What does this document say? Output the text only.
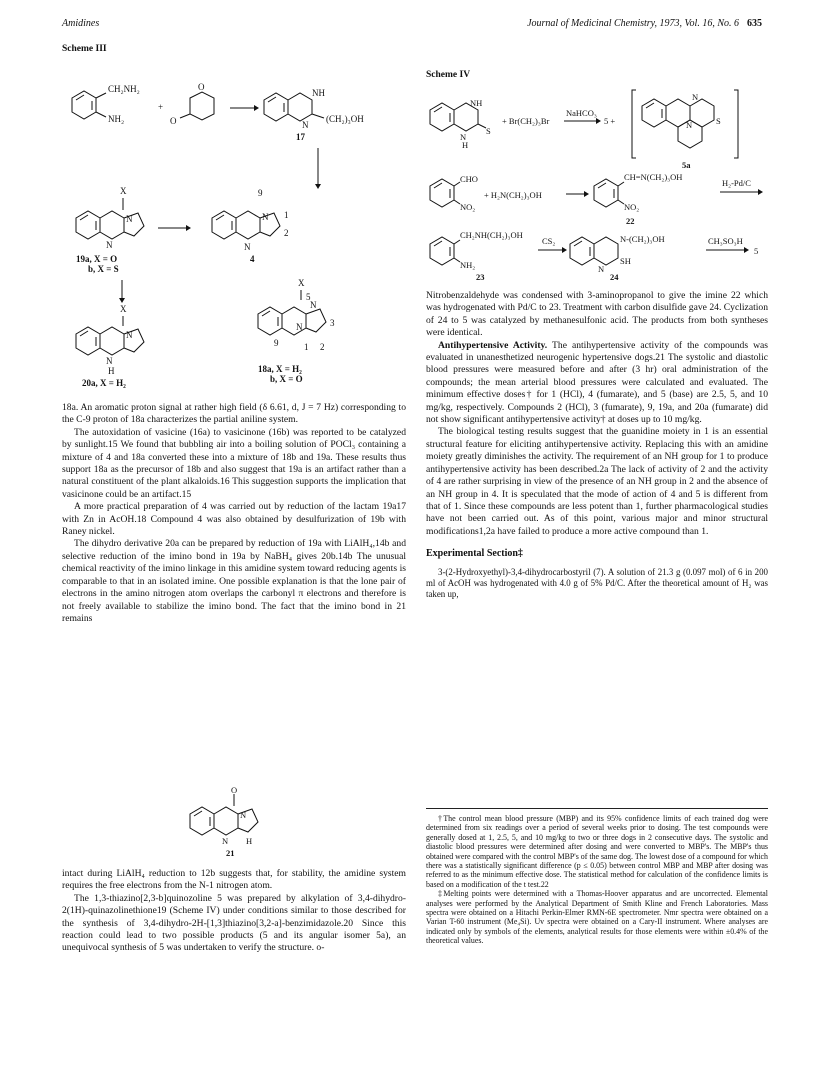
Amidines	Journal of Medicinal Chemistry, 1973, Vol. 16, No. 6 635
Scheme III
CH₂NH₂
NH₂
+
O
O
NH
N
(CH₂)₃OH
17
X
N
N
9
N
N
1
2
19a, X = O
b, X = S
4
X
N
N
H
20a, X = H₂
X
5
N
N	3
9	1 2
18a, X = H₂
b, X = O
Scheme IV
NH
N
S
H
+ Br(CH₂)₃Br
NaHCO₃
5 +
N
N	S
5a
CHO
NO₂
+ H₂N(CH₂)₃OH
CH=N(CH₂)₃OH
NO₂
22
H₂-Pd/C
CH₂NH(CH₂)₃OH
NH₂
23
CS₂	N-(CH₂)₃OH
N
SH
24
CH₃SO₃H
5

18a. An aromatic proton signal at rather high field (δ 6.61, d, J = 7 Hz) corresponding to the C-9 proton of 18a characterizes the partial aniline system.

The autoxidation of vasicine (16a) to vasicinone (16b) was reported to be catalyzed by sunlight.15 We found that bubbling air into a boiling solution of POCl₃ containing a mixture of 4 and 18a converted these into a mixture of 18b and 19a. These results thus support 18a as the precursor of 18b and also suggest that 19a is an artifact rather than a natural constituent of the plant alkaloids.16 This suggestion supports the implication that vasicinone could be an artifact.15

A more practical preparation of 4 was carried out by reduction of the lactam 19a17 with Zn in AcOH.18 Compound 4 was also obtained by desulfurization of 19b with Raney nickel.

The dihydro derivative 20a can be prepared by reduction of 19a with LiAlH₄,14b and selective reduction of the imino bond in 19a by NaBH₄ gives 20b.14b The unusual chemical reactivity of the imino linkage in this amidine system toward reducing agents is comparable to that in an isolated imine. One possible explanation is that the lone pair of electrons in the amino nitrogen atom overlaps the carbonyl π electrons and therefore is not freely available to stabilize the imino bond. The fact that the imino bond in 21 remains

O
N
N H
21

intact during LiAlH₄ reduction to 12b suggests that, for stability, the amidine system requires the free electrons from the N-1 nitrogen atom.

The 1,3-thiazino[2,3-b]quinozoline 5 was prepared by alkylation of 3,4-dihydro-2(1H)-quinazolinethione19 (Scheme IV) under conditions similar to those described for the synthesis of 3,4-dihydro-2H-[1,3]thiazino[3,2-a]-benzimidazole.20 Since this reaction could lead to two possible products (5 and its angular isomer 5a), an unequivocal synthesis of 5 was undertaken to verify the structure. o-

Nitrobenzaldehyde was condensed with 3-aminopropanol to give the imine 22 which was hydrogenated with Pd/C to 23. Treatment with carbon disulfide gave 24. Cyclization of 24 to 5 was catalyzed by methanesulfonic acid. The products from both syntheses were identical.

Antihypertensive Activity. The antihypertensive activity of the compounds was evaluated in unanesthetized neurogenic hypertensive dogs.21 The systolic and diastolic blood pressures were measured before and after (3 hr) oral administration of the compounds; the mean arterial blood pressures were calculated and evaluated. The minimum effective doses† for 1 (HCl), 4 (fumarate), and 5 (base) are 2.5, 5, and 10 mg/kg, respectively. Compounds 2 (HCl), 3 (fumarate), 9, 19a, and 20a (fumarate) did not show significant antihypertensive activity† at doses up to 10 mg/kg.

The biological testing results suggest that the guanidine moiety in 1 is an essential structural feature for eliciting antihypertensive activity. Replacing this with an amidine moiety greatly diminishes the activity. The requirement of an NH group for 1 to produce antihypertensive activity has been described.2a The lack of activity of 2 and the activity of 4 are rather surprising in view of the presence of an NH group in 2 and the absence of an NH group in 4. It is speculated that the mode of action of 4 and 5 is different from that of 1. Since these compounds are less potent than 1, further pharmacological studies have not been carried out. As of this point, various major and minor structural modifications1,2a have failed to produce a more active compound than 1.

Experimental Section‡

3-(2-Hydroxyethyl)-3,4-dihydrocarbostyril (7). A solution of 21.3 g (0.097 mol) of 6 in 200 ml of AcOH was hydrogenated with 4.0 g of 5% Pd/C. After the theoretical amount of H₂ was taken up,

†The control mean blood pressure (MBP) and its 95% confidence limits of each trained dog were determined from six readings over a period of several weeks prior to dosing. The test compounds were generally dosed at 1, 2.5, 5, and 10 mg/kg to two or three dogs in 2 consecutive days. The systolic and diastolic blood pressures were determined after dosing and were converted to MBP's. The MBP's thus obtained were compared with the control MBP's of the same dog. The lowest dose of a compound for which there was a statistically significant difference (p ≤ 0.05) between control MBP and MBP after dosing was referred to as the minimum effective dose. The statistical method for calculation of the confidence limits is based on a modification of the t test.22

‡Melting points were determined with a Thomas-Hoover apparatus and are uncorrected. Elemental analyses were performed by the Analytical Department of Smith Kline and French Laboratories. Mass spectra were obtained on a Hitachi Perkin-Elmer RMN-6E spectrometer. Nmr spectra were obtained on a Varian T-60 instrument (Me₄Si). Uv spectra were obtained on a Cary-II instrument. Where analyses are indicated only by symbols of the elements, analytical results for those elements were within ±0.4% of the theoretical values.
